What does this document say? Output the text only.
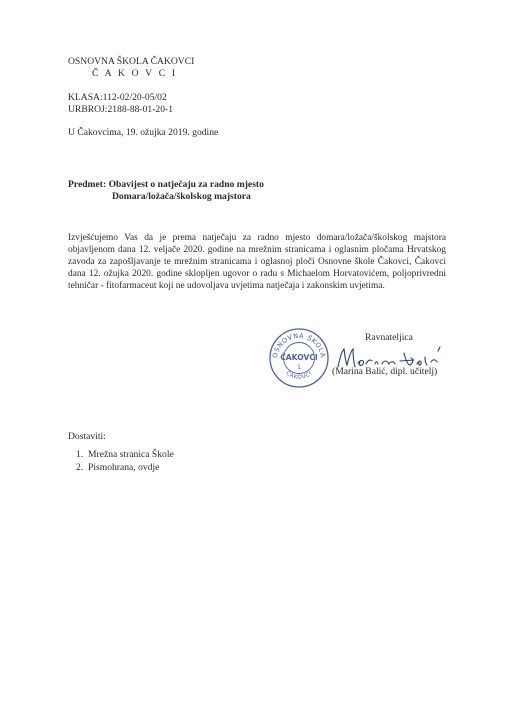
OSNOVNA ŠKOLA ČAKOVCI
Č A K O V C I
KLASA:112-02/20-05/02
URBROJ:2188-88-01-20-1
U Čakovcima, 19. ožujka 2019. godine
Predmet: Obavijest o natječaju za radno mjesto
Domara/ložača/školskog majstora
Izvješćujemo Vas da je prema natječaju za radno mjesto domara/ložača/školskog majstora objavljenom dana 12. veljače 2020. godine na mrežnim stranicama i oglasnim pločama Hrvatskog zavoda za zapošljavanje te mrežnim stranicama i oglasnoj ploči Osnovne škole Čakovci, Čakovci dana 12. ožujka 2020. godine sklopljen ugovor o radu s Michaelom Horvatovićem, poljoprivredni tehničar - fitofarmaceut koji ne udovoljava uvjetima natječaja i zakonskim uvjetima.
Ravnateljica
OSNOVNA ŠKOLA
ČAKOVCI
ČAKOVCI
1	(Marina Balić, dipl. učitelj)
Dostaviti:
1. Mrežna stranica Škole
2. Pismohrana, ovdje
